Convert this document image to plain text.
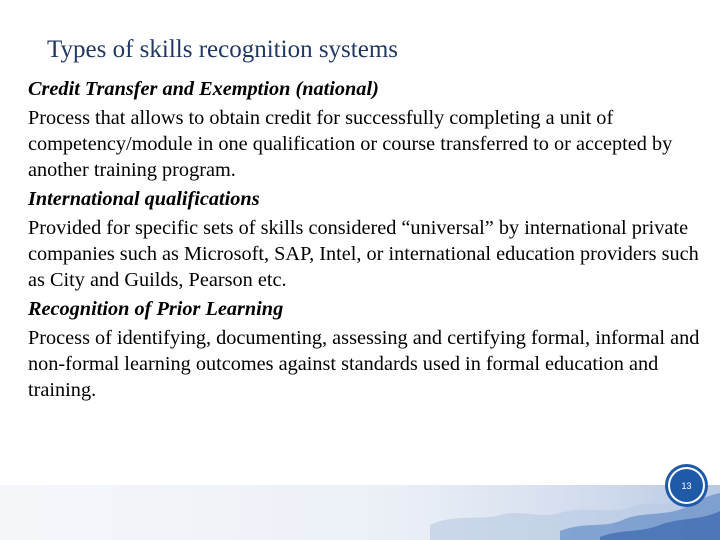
Types of skills recognition systems

Credit Transfer and Exemption (national)

Process that allows to obtain credit for successfully completing a unit of competency/module in one qualification or course transferred to or accepted by another training program.

International qualifications

Provided for specific sets of skills considered “universal” by international private companies such as Microsoft, SAP, Intel, or international education providers such as City and Guilds, Pearson etc.

Recognition of Prior Learning

Process of identifying, documenting, assessing and certifying formal, informal and non-formal learning outcomes against standards used in formal education and training.

13
